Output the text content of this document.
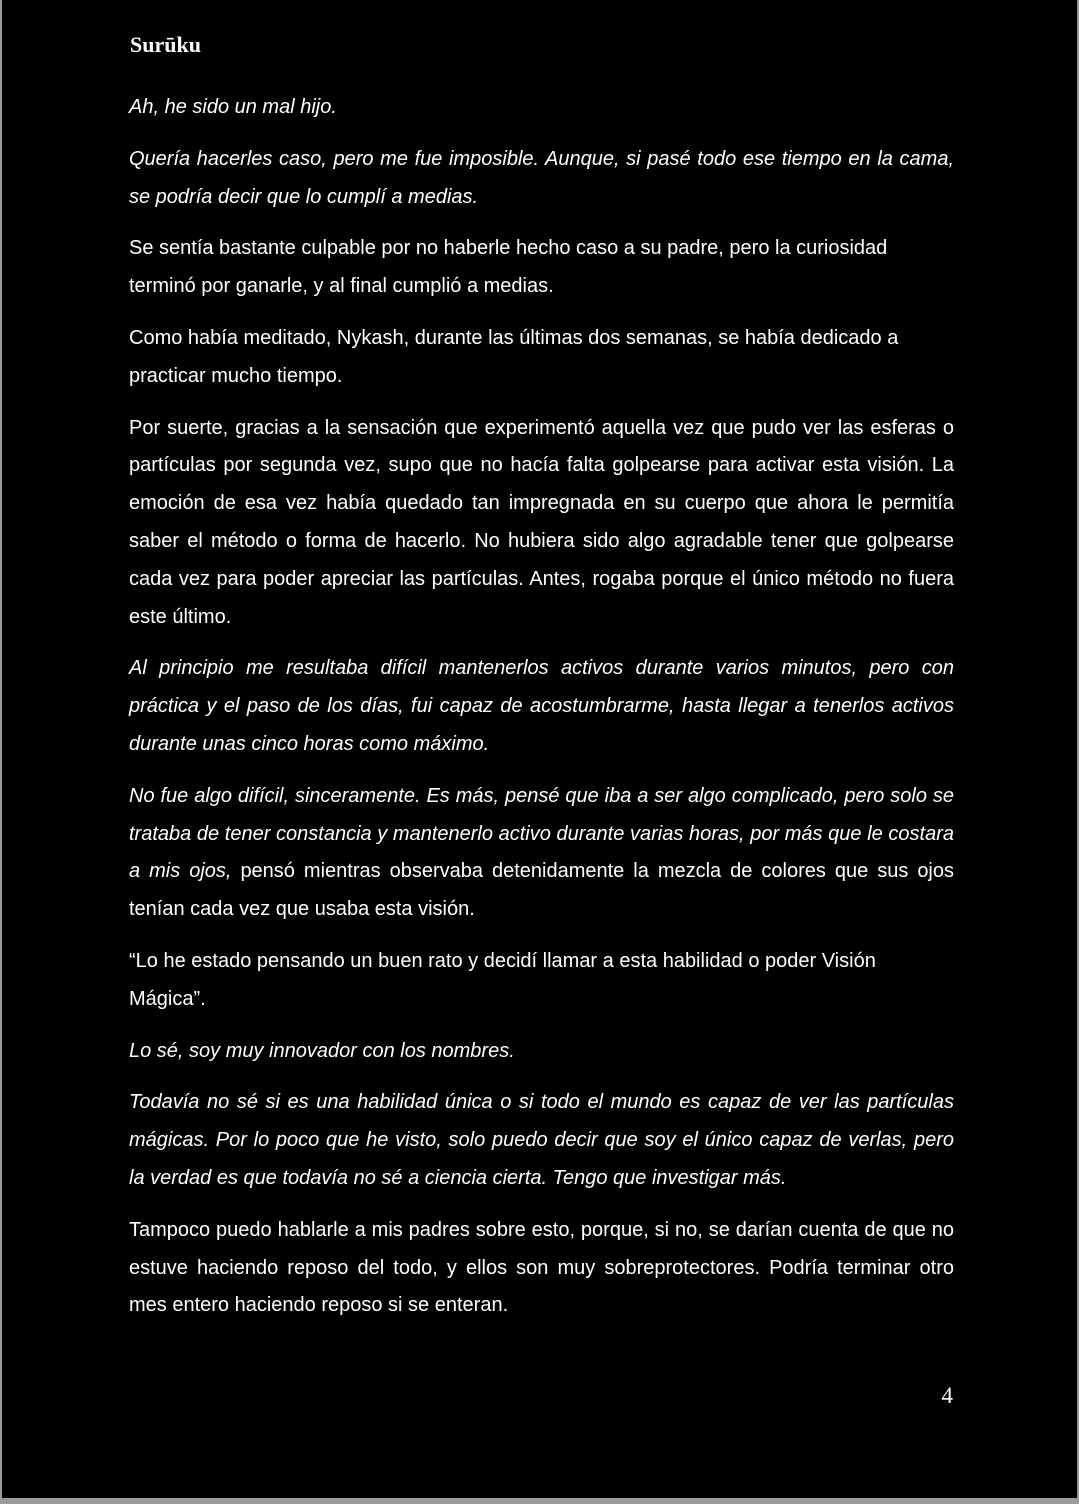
Surūku

Ah, he sido un mal hijo.

Quería hacerles caso, pero me fue imposible. Aunque, si pasé todo ese tiempo en la cama, se podría decir que lo cumplí a medias.

Se sentía bastante culpable por no haberle hecho caso a su padre, pero la curiosidad terminó por ganarle, y al final cumplió a medias.

Como había meditado, Nykash, durante las últimas dos semanas, se había dedicado a practicar mucho tiempo.

Por suerte, gracias a la sensación que experimentó aquella vez que pudo ver las esferas o partículas por segunda vez, supo que no hacía falta golpearse para activar esta visión. La emoción de esa vez había quedado tan impregnada en su cuerpo que ahora le permitía saber el método o forma de hacerlo. No hubiera sido algo agradable tener que golpearse cada vez para poder apreciar las partículas. Antes, rogaba porque el único método no fuera este último.

Al principio me resultaba difícil mantenerlos activos durante varios minutos, pero con práctica y el paso de los días, fui capaz de acostumbrarme, hasta llegar a tenerlos activos durante unas cinco horas como máximo.

No fue algo difícil, sinceramente. Es más, pensé que iba a ser algo complicado, pero solo se trataba de tener constancia y mantenerlo activo durante varias horas, por más que le costara a mis ojos, pensó mientras observaba detenidamente la mezcla de colores que sus ojos tenían cada vez que usaba esta visión.

“Lo he estado pensando un buen rato y decidí llamar a esta habilidad o poder Visión Mágica”.

Lo sé, soy muy innovador con los nombres.

Todavía no sé si es una habilidad única o si todo el mundo es capaz de ver las partículas mágicas. Por lo poco que he visto, solo puedo decir que soy el único capaz de verlas, pero la verdad es que todavía no sé a ciencia cierta. Tengo que investigar más.

Tampoco puedo hablarle a mis padres sobre esto, porque, si no, se darían cuenta de que no estuve haciendo reposo del todo, y ellos son muy sobreprotectores. Podría terminar otro mes entero haciendo reposo si se enteran.

4
